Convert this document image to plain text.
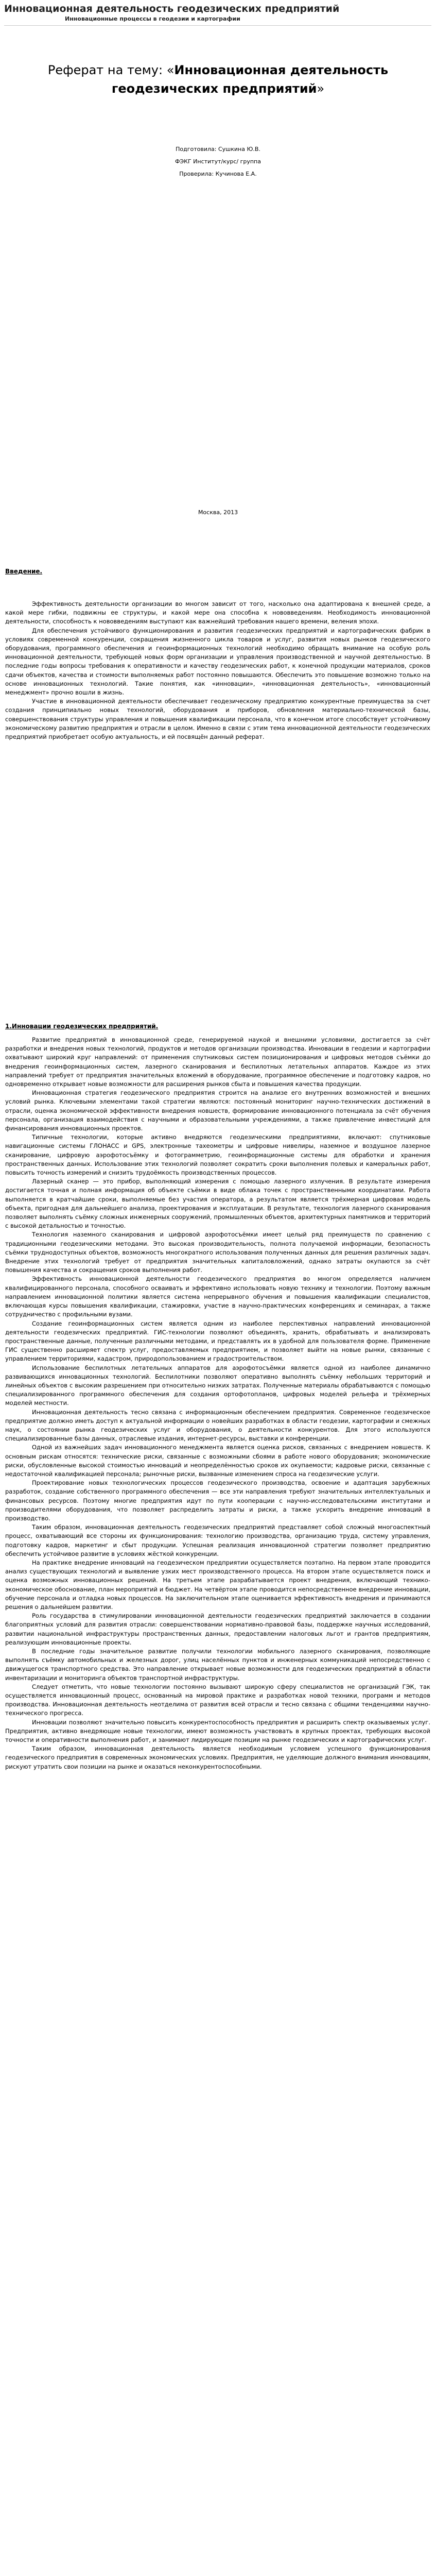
Инновационная деятельность геодезических предприятий
Инновационные процессы в геодезии и картографии
Реферат на тему: «Инновационная деятельность геодезических предприятий»
Подготовила: Сушкина Ю.В.
ФЭКГ Институт/курс/ группа
Проверила: Кучинова Е.А.
Москва, 2013
Введение.

Эффективность деятельности организации во многом зависит от того, насколько она адаптирована к внешней среде, а какой мере гибки, подвижны ее структуры, и какой мере она способна к нововведениям. Необходимость инновационной деятельности, способность к нововведениям выступают как важнейший требования нашего времени, веления эпохи.

Для обеспечения устойчивого функционирования и развития геодезических предприятий и картографических фабрик в условиях современной конкуренции, сокращения жизненного цикла товаров и услуг, развития новых рынков геодезического оборудования, программного обеспечения и геоинформационных технологий необходимо обращать внимание на особую роль инновационной деятельности, требующей новых форм организации и управления производственной и научной деятельностью. В последние годы вопросы требования к оперативности и качеству геодезических работ, к конечной продукции материалов, сроков сдачи объектов, качества и стоимости выполняемых работ постоянно повышаются. Обеспечить это повышение возможно только на основе инновационных технологий. Такие понятия, как «инновации», «инновационная деятельность», «инновационный менеджмент» прочно вошли в жизнь.

Участие в инновационной деятельности обеспечивает геодезическому предприятию конкурентные преимущества за счет создания принципиально новых технологий, оборудования и приборов, обновления материально-технической базы, совершенствования структуры управления и повышения квалификации персонала, что в конечном итоге способствует устойчивому экономическому развитию предприятия и отрасли в целом. Именно в связи с этим тема инновационной деятельности геодезических предприятий приобретает особую актуальность, и ей посвящён данный реферат.

1.Инновации геодезических предприятий.

Развитие предприятий в инновационной среде, генерируемой наукой и внешними условиями, достигается за счёт разработки и внедрения новых технологий, продуктов и методов организации производства. Инновации в геодезии и картографии охватывают широкий круг направлений: от применения спутниковых систем позиционирования и цифровых методов съёмки до внедрения геоинформационных систем, лазерного сканирования и беспилотных летательных аппаратов. Каждое из этих направлений требует от предприятия значительных вложений в оборудование, программное обеспечение и подготовку кадров, но одновременно открывает новые возможности для расширения рынков сбыта и повышения качества продукции.

Инновационная стратегия геодезического предприятия строится на анализе его внутренних возможностей и внешних условий рынка. Ключевыми элементами такой стратегии являются: постоянный мониторинг научно-технических достижений в отрасли, оценка экономической эффективности внедрения новшеств, формирование инновационного потенциала за счёт обучения персонала, организация взаимодействия с научными и образовательными учреждениями, а также привлечение инвестиций для финансирования инновационных проектов.

Типичные технологии, которые активно внедряются геодезическими предприятиями, включают: спутниковые навигационные системы ГЛОНАСС и GPS, электронные тахеометры и цифровые нивелиры, наземное и воздушное лазерное сканирование, цифровую аэрофотосъёмку и фотограмметрию, геоинформационные системы для обработки и хранения пространственных данных. Использование этих технологий позволяет сократить сроки выполнения полевых и камеральных работ, повысить точность измерений и снизить трудоёмкость производственных процессов.

Лазерный сканер — это прибор, выполняющий измерения с помощью лазерного излучения. В результате измерения достигается точная и полная информация об объекте съёмки в виде облака точек с пространственными координатами. Работа выполняется в кратчайшие сроки, выполняемые без участия оператора, а результатом является трёхмерная цифровая модель объекта, пригодная для дальнейшего анализа, проектирования и эксплуатации. В результате, технология лазерного сканирования позволяет выполнять съёмку сложных инженерных сооружений, промышленных объектов, архитектурных памятников и территорий с высокой детальностью и точностью.

Технология наземного сканирования и цифровой аэрофотосъёмки имеет целый ряд преимуществ по сравнению с традиционными геодезическими методами. Это высокая производительность, полнота получаемой информации, безопасность съёмки труднодоступных объектов, возможность многократного использования полученных данных для решения различных задач. Внедрение этих технологий требует от предприятия значительных капиталовложений, однако затраты окупаются за счёт повышения качества и сокращения сроков выполнения работ.

Эффективность инновационной деятельности геодезического предприятия во многом определяется наличием квалифицированного персонала, способного осваивать и эффективно использовать новую технику и технологии. Поэтому важным направлением инновационной политики является система непрерывного обучения и повышения квалификации специалистов, включающая курсы повышения квалификации, стажировки, участие в научно-практических конференциях и семинарах, а также сотрудничество с профильными вузами.

Создание геоинформационных систем является одним из наиболее перспективных направлений инновационной деятельности геодезических предприятий. ГИС-технологии позволяют объединять, хранить, обрабатывать и анализировать пространственные данные, полученные различными методами, и представлять их в удобной для пользователя форме. Применение ГИС существенно расширяет спектр услуг, предоставляемых предприятием, и позволяет выйти на новые рынки, связанные с управлением территориями, кадастром, природопользованием и градостроительством.

Использование беспилотных летательных аппаратов для аэрофотосъёмки является одной из наиболее динамично развивающихся инновационных технологий. Беспилотники позволяют оперативно выполнять съёмку небольших территорий и линейных объектов с высоким разрешением при относительно низких затратах. Полученные материалы обрабатываются с помощью специализированного программного обеспечения для создания ортофотопланов, цифровых моделей рельефа и трёхмерных моделей местности.

Инновационная деятельность тесно связана с информационным обеспечением предприятия. Современное геодезическое предприятие должно иметь доступ к актуальной информации о новейших разработках в области геодезии, картографии и смежных наук, о состоянии рынка геодезических услуг и оборудования, о деятельности конкурентов. Для этого используются специализированные базы данных, отраслевые издания, интернет-ресурсы, выставки и конференции.

Одной из важнейших задач инновационного менеджмента является оценка рисков, связанных с внедрением новшеств. К основным рискам относятся: технические риски, связанные с возможными сбоями в работе нового оборудования; экономические риски, обусловленные высокой стоимостью инноваций и неопределённостью сроков их окупаемости; кадровые риски, связанные с недостаточной квалификацией персонала; рыночные риски, вызванные изменением спроса на геодезические услуги.

Проектирование новых технологических процессов геодезического производства, освоение и адаптация зарубежных разработок, создание собственного программного обеспечения — все эти направления требуют значительных интеллектуальных и финансовых ресурсов. Поэтому многие предприятия идут по пути кооперации с научно-исследовательскими институтами и производителями оборудования, что позволяет распределить затраты и риски, а также ускорить внедрение инноваций в производство.

Таким образом, инновационная деятельность геодезических предприятий представляет собой сложный многоаспектный процесс, охватывающий все стороны их функционирования: технологию производства, организацию труда, систему управления, подготовку кадров, маркетинг и сбыт продукции. Успешная реализация инновационной стратегии позволяет предприятию обеспечить устойчивое развитие в условиях жёсткой конкуренции.

На практике внедрение инноваций на геодезическом предприятии осуществляется поэтапно. На первом этапе проводится анализ существующих технологий и выявление узких мест производственного процесса. На втором этапе осуществляется поиск и оценка возможных инновационных решений. На третьем этапе разрабатывается проект внедрения, включающий технико-экономическое обоснование, план мероприятий и бюджет. На четвёртом этапе проводится непосредственное внедрение инновации, обучение персонала и отладка новых процессов. На заключительном этапе оценивается эффективность внедрения и принимаются решения о дальнейшем развитии.

Роль государства в стимулировании инновационной деятельности геодезических предприятий заключается в создании благоприятных условий для развития отрасли: совершенствовании нормативно-правовой базы, поддержке научных исследований, развитии национальной инфраструктуры пространственных данных, предоставлении налоговых льгот и грантов предприятиям, реализующим инновационные проекты.

В последние годы значительное развитие получили технологии мобильного лазерного сканирования, позволяющие выполнять съёмку автомобильных и железных дорог, улиц населённых пунктов и инженерных коммуникаций непосредственно с движущегося транспортного средства. Это направление открывает новые возможности для геодезических предприятий в области инвентаризации и мониторинга объектов транспортной инфраструктуры.

Следует отметить, что новые технологии постоянно вызывают широкую сферу специалистов не организаций ГЭК, так осуществляется инновационный процесс, основанный на мировой практике и разработках новой техники, программ и методов производства. Инновационная деятельность неотделима от развития всей отрасли и тесно связана с общими тенденциями научно-технического прогресса.

Инновации позволяют значительно повысить конкурентоспособность предприятия и расширить спектр оказываемых услуг. Предприятия, активно внедряющие новые технологии, имеют возможность участвовать в крупных проектах, требующих высокой точности и оперативности выполнения работ, и занимают лидирующие позиции на рынке геодезических и картографических услуг.

Таким образом, инновационная деятельность является необходимым условием успешного функционирования геодезического предприятия в современных экономических условиях. Предприятия, не уделяющие должного внимания инновациям, рискуют утратить свои позиции на рынке и оказаться неконкурентоспособными.
